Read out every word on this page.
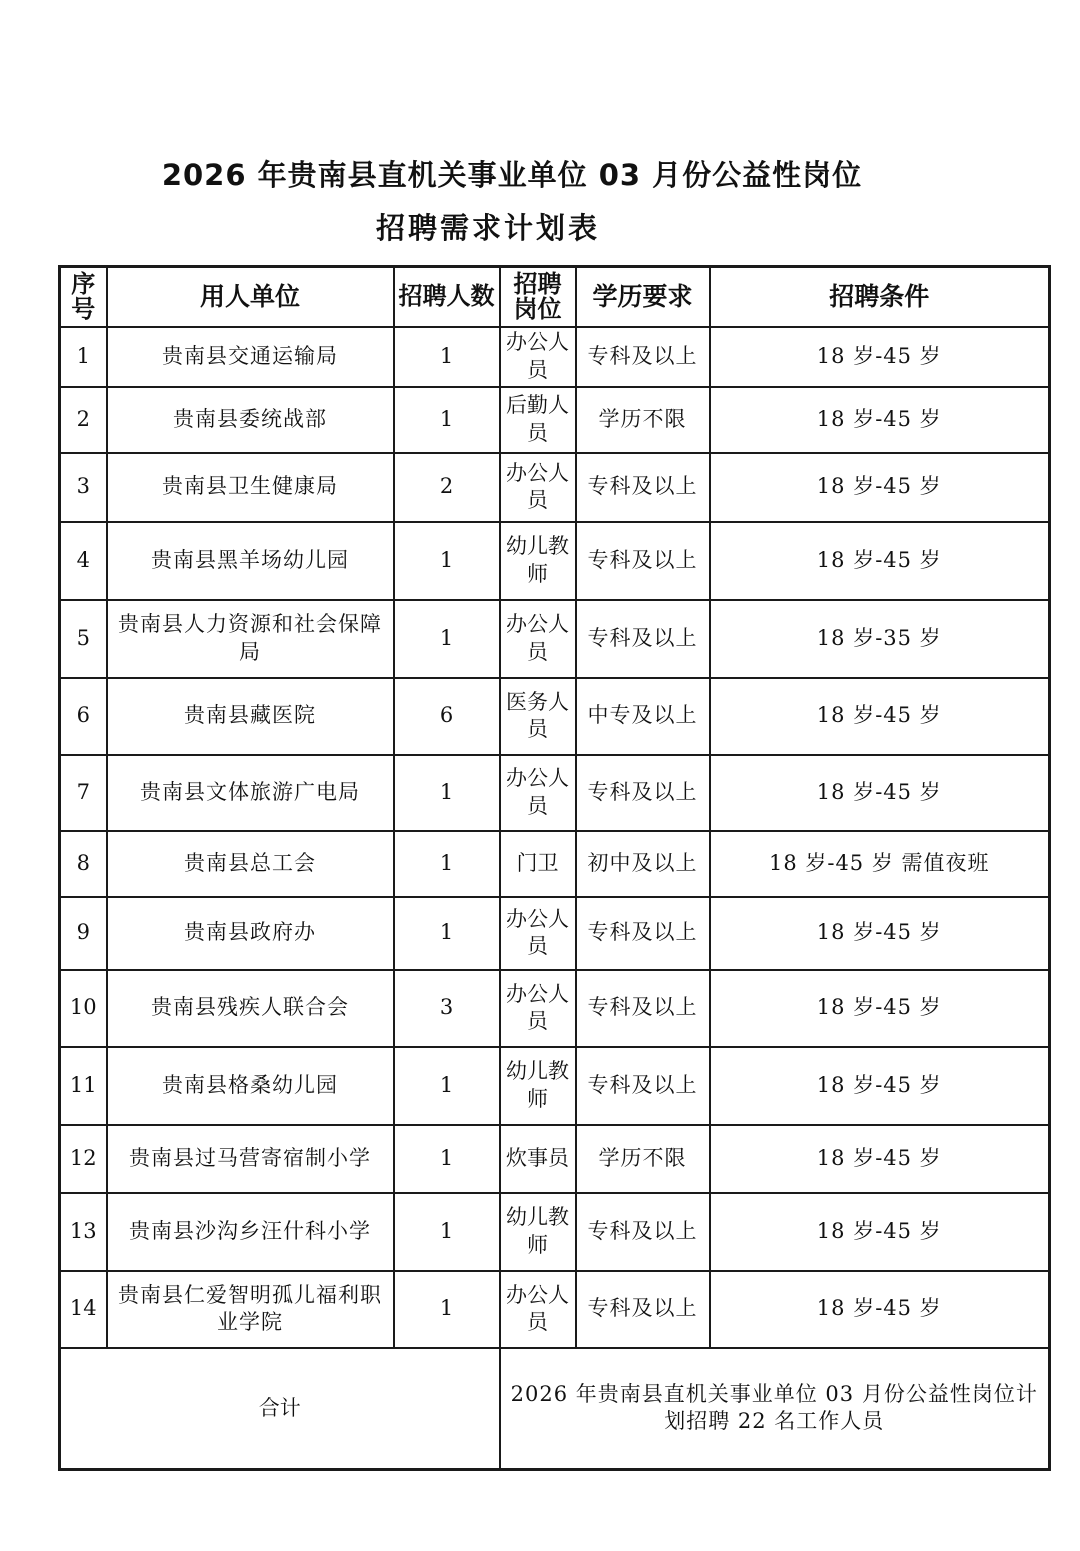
2026 年贵南县直机关事业单位 03 月份公益性岗位
招聘需求计划表
序号	用人单位	招聘人数	招聘岗位	学历要求	招聘条件
1	贵南县交通运输局	1	办公人员	专科及以上	18 岁-45 岁
2	贵南县委统战部	1	后勤人员	学历不限	18 岁-45 岁
3	贵南县卫生健康局	2	办公人员	专科及以上	18 岁-45 岁
4	贵南县黑羊场幼儿园	1	幼儿教师	专科及以上	18 岁-45 岁
5	贵南县人力资源和社会保障局	1	办公人员	专科及以上	18 岁-35 岁
6	贵南县藏医院	6	医务人员	中专及以上	18 岁-45 岁
7	贵南县文体旅游广电局	1	办公人员	专科及以上	18 岁-45 岁
8	贵南县总工会	1	门卫	初中及以上	18 岁-45 岁 需值夜班
9	贵南县政府办	1	办公人员	专科及以上	18 岁-45 岁
10	贵南县残疾人联合会	3	办公人员	专科及以上	18 岁-45 岁
11	贵南县格桑幼儿园	1	幼儿教师	专科及以上	18 岁-45 岁
12	贵南县过马营寄宿制小学	1	炊事员	学历不限	18 岁-45 岁
13	贵南县沙沟乡汪什科小学	1	幼儿教师	专科及以上	18 岁-45 岁
14	贵南县仁爱智明孤儿福利职业学院	1	办公人员	专科及以上	18 岁-45 岁
合计			2026 年贵南县直机关事业单位 03 月份公益性岗位计划招聘 22 名工作人员		
